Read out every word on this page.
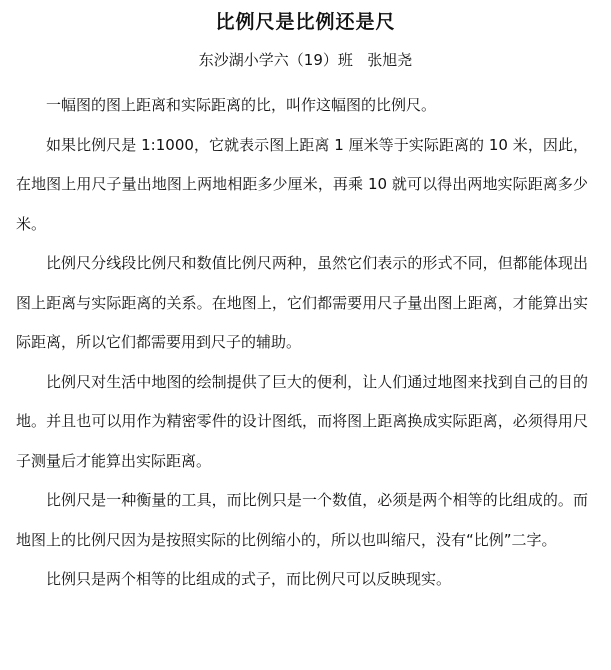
比例尺是比例还是尺
东沙湖小学六（19）班   张旭尧

一幅图的图上距离和实际距离的比，叫作这幅图的比例尺。

如果比例尺是 1:1000，它就表示图上距离 1 厘米等于实际距离的 10 米，因此，在地图上用尺子量出地图上两地相距多少厘米，再乘 10 就可以得出两地实际距离多少米。

比例尺分线段比例尺和数值比例尺两种，虽然它们表示的形式不同，但都能体现出图上距离与实际距离的关系。在地图上，它们都需要用尺子量出图上距离，才能算出实际距离，所以它们都需要用到尺子的辅助。

比例尺对生活中地图的绘制提供了巨大的便利，让人们通过地图来找到自己的目的地。并且也可以用作为精密零件的设计图纸，而将图上距离换成实际距离，必须得用尺子测量后才能算出实际距离。

比例尺是一种衡量的工具，而比例只是一个数值，必须是两个相等的比组成的。而地图上的比例尺因为是按照实际的比例缩小的，所以也叫缩尺，没有“比例”二字。

比例只是两个相等的比组成的式子，而比例尺可以反映现实。
